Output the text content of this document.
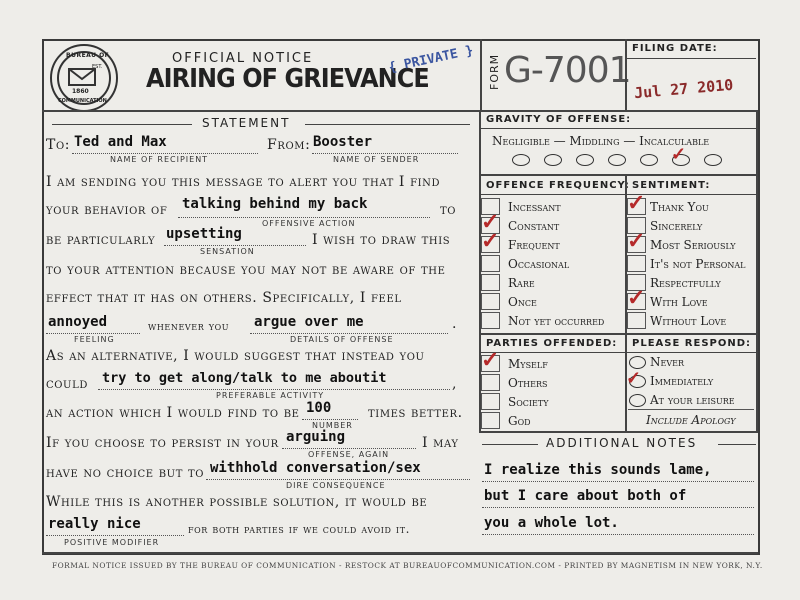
BUREAU OF
EST.
1860
COMMUNICATION
OFFICIAL NOTICE
AIRING OF GRIEVANCE
{ PRIVATE } FORM G-7001
FILING DATE:
Jul 27 2010
STATEMENT
To: Ted and Max
NAME OF RECIPIENT
From: Booster
NAME OF SENDER
I am sending you this message to alert you that I find
your behavior of talking behind my back
OFFENSIVE ACTION
to
be particularly upsetting
SENSATION
I wish to draw this
to your attention because you may not be aware of the
effect that it has on others. Specifically, I feel
annoyed
FEELING
whenever you argue over me
DETAILS OF OFFENSE
.
As an alternative, I would suggest that instead you
could try to get along/talk to me aboutit
PREFERABLE ACTIVITY
,
an action which I would find to be 100
NUMBER
times better.
If you choose to persist in your arguing
OFFENSE, AGAIN
I may
have no choice but to withhold conversation/sex
DIRE CONSEQUENCE
While this is another possible solution, it would be
really nice
POSITIVE MODIFIER
for both parties if we could avoid it.
GRAVITY OF OFFENSE:
Negligible — Middling — Incalculable
✓
OFFENCE FREQUENCY: SENTIMENT:
Incessant
Constant
✓
Frequent
✓
Occasional
Rare
Once
Not yet occurred
Thank You
✓
Sincerely
Most Seriously
✓
It's not Personal
Respectfully
With Love
✓
Without Love
PARTIES OFFENDED: PLEASE RESPOND:
Myself
✓
Others
Society
God
Never
Immediately
✓
At your leisure
Include Apology
ADDITIONAL NOTES
I realize this sounds lame,
but I care about both of
you a whole lot.
FORMAL NOTICE ISSUED BY THE BUREAU OF COMMUNICATION - RESTOCK AT BUREAUOFCOMMUNICATION.COM - PRINTED BY MAGNETISM IN NEW YORK, N.Y.
